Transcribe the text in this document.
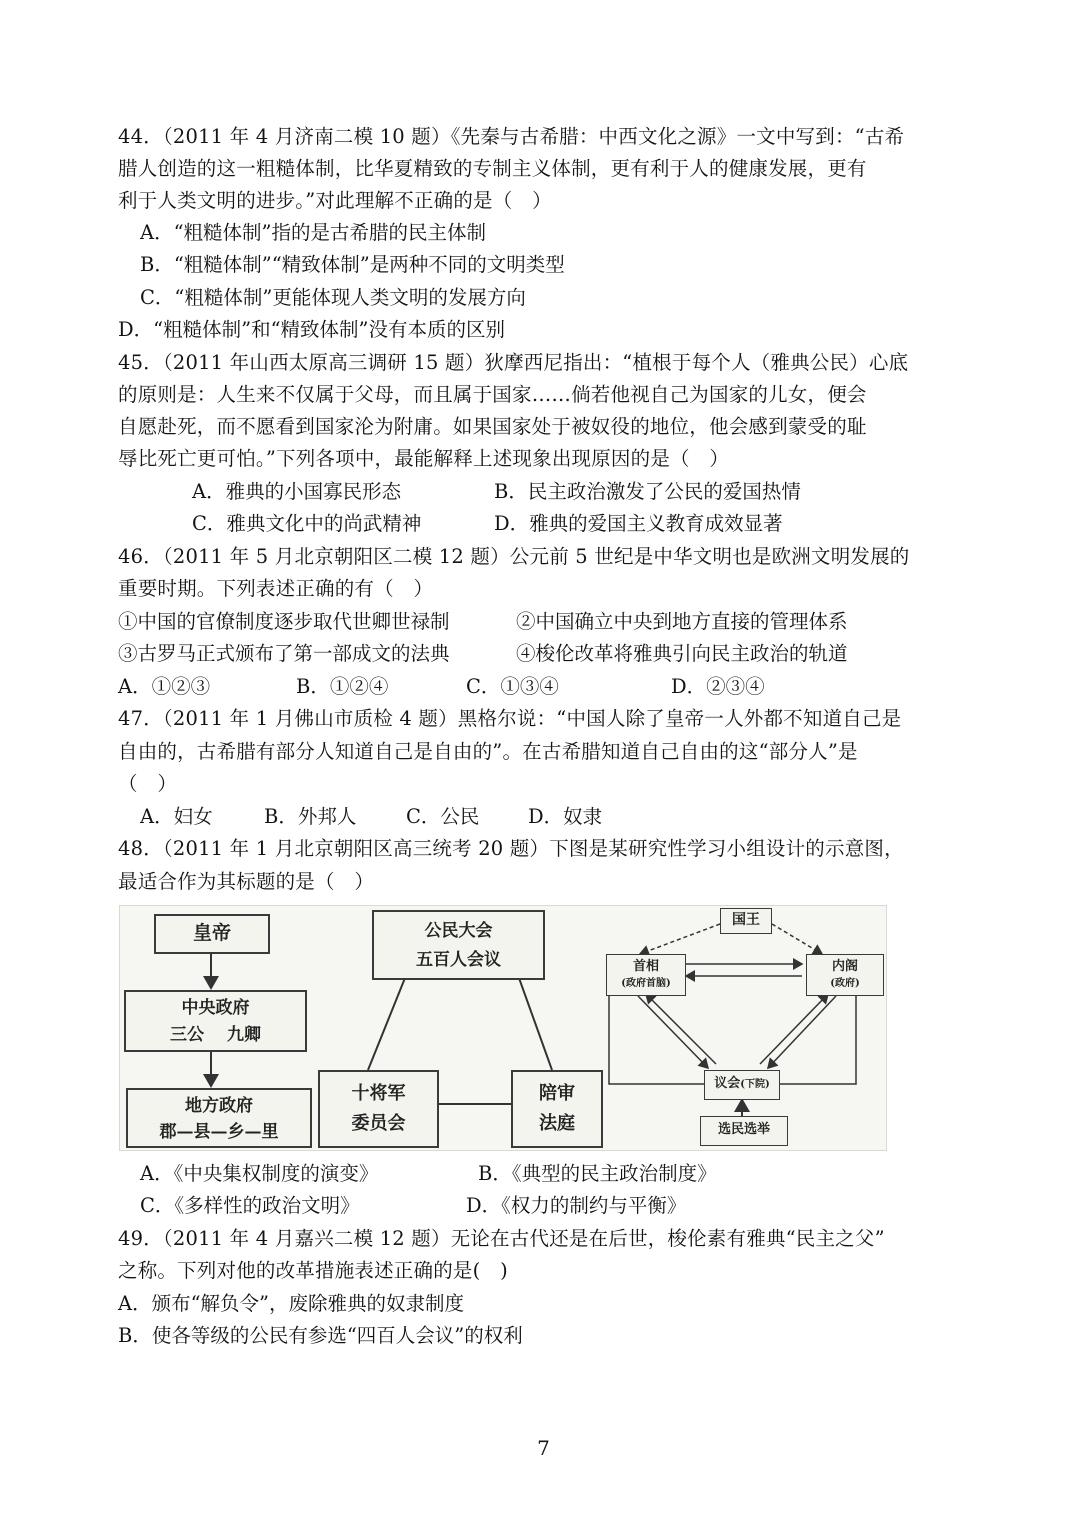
44．（2011 年 4 月济南二模 10 题）《先秦与古希腊：中西文化之源》一文中写到：“古希
腊人创造的这一粗糙体制，比华夏精致的专制主义体制，更有利于人的健康发展，更有
利于人类文明的进步。”对此理解不正确的是（　）
A．“粗糙体制”指的是古希腊的民主体制
B．“粗糙体制”“精致体制”是两种不同的文明类型
C．“粗糙体制”更能体现人类文明的发展方向
D．“粗糙体制”和“精致体制”没有本质的区别
45．（2011 年山西太原高三调研 15 题）狄摩西尼指出：“植根于每个人（雅典公民）心底
的原则是：人生来不仅属于父母，而且属于国家……倘若他视自己为国家的儿女，便会
自愿赴死，而不愿看到国家沦为附庸。如果国家处于被奴役的地位，他会感到蒙受的耻
辱比死亡更可怕。”下列各项中，最能解释上述现象出现原因的是（　）
A．雅典的小国寡民形态	B．民主政治激发了公民的爱国热情
C．雅典文化中的尚武精神	D．雅典的爱国主义教育成效显著
46．（2011 年 5 月北京朝阳区二模 12 题）公元前 5 世纪是中华文明也是欧洲文明发展的
重要时期。下列表述正确的有（　）
①中国的官僚制度逐步取代世卿世禄制	②中国确立中央到地方直接的管理体系
③古罗马正式颁布了第一部成文的法典	④梭伦改革将雅典引向民主政治的轨道
A．①②③	B．①②④	C．①③④	D．②③④
47．（2011 年 1 月佛山市质检 4 题）黑格尔说：“中国人除了皇帝一人外都不知道自己是
自由的，古希腊有部分人知道自己是自由的”。在古希腊知道自己自由的这“部分人”是
（　）
A．妇女	B．外邦人	C．公民 D．奴隶
48．（2011 年 1 月北京朝阳区高三统考 20 题）下图是某研究性学习小组设计的示意图，
最适合作为其标题的是（　）
皇帝
中央政府
三公　 九卿
地方政府
郡—县—乡—里
公民大会
五百人会议
十将军
委员会
陪审
法庭
国王
首相
(政府首脑)
内阁
(政府)
议会(下院)
选民选举
A．《中央集权制度的演变》	B．《典型的民主政治制度》
C．《多样性的政治文明》	D．《权力的制约与平衡》
49．（2011 年 4 月嘉兴二模 12 题）无论在古代还是在后世，梭伦素有雅典“民主之父”
之称。下列对他的改革措施表述正确的是(　)
A．颁布“解负令”，废除雅典的奴隶制度
B．使各等级的公民有参选“四百人会议”的权利
7
